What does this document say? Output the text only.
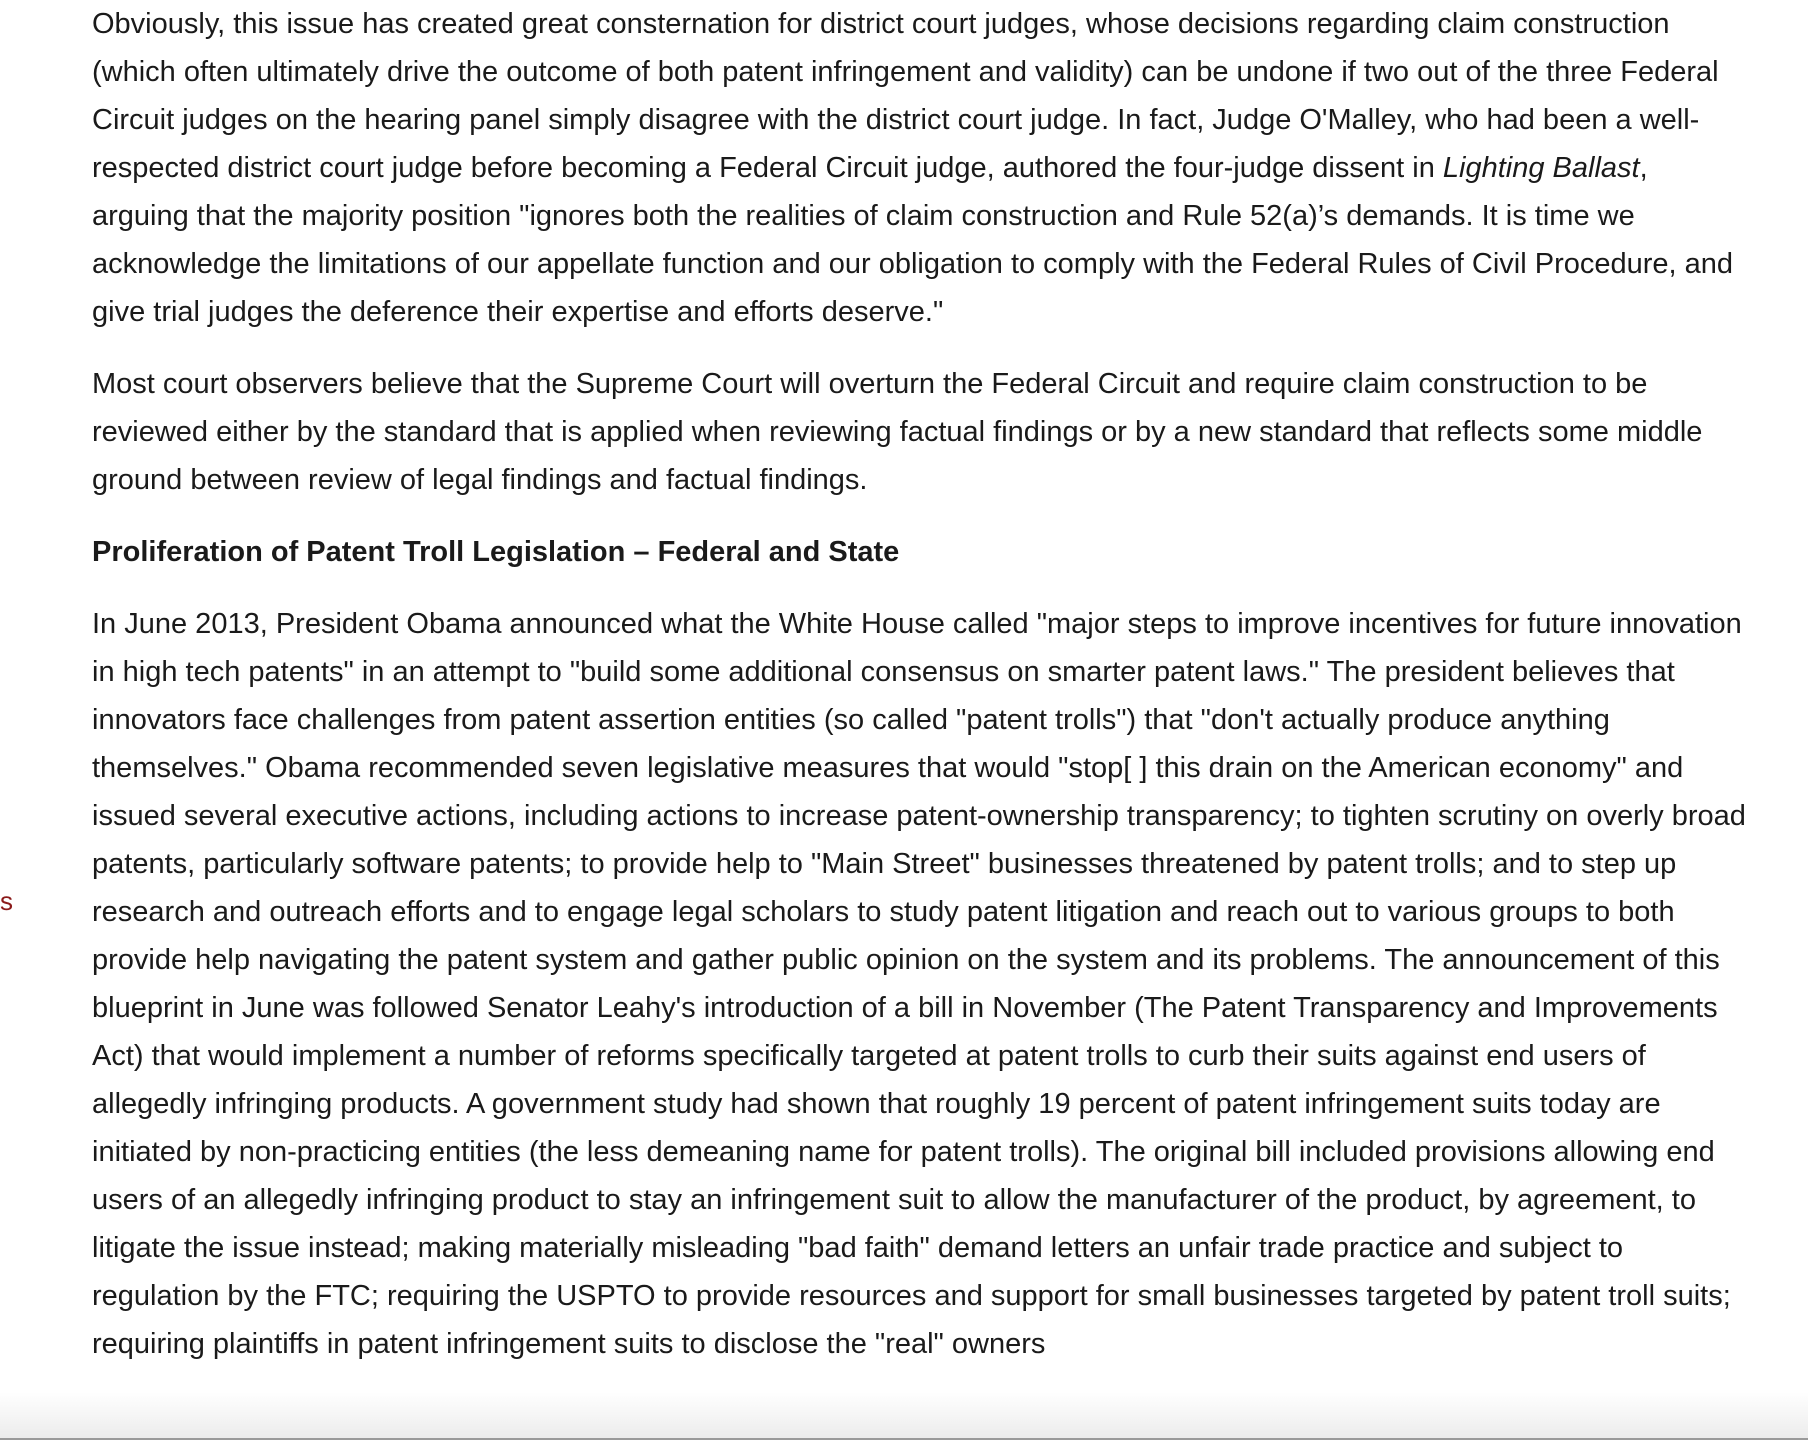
s

Obviously, this issue has created great consternation for district court judges, whose decisions regarding claim construction (which often ultimately drive the outcome of both patent infringement and validity) can be undone if two out of the three Federal Circuit judges on the hearing panel simply disagree with the district court judge. In fact, Judge O'Malley, who had been a well-respected district court judge before becoming a Federal Circuit judge, authored the four-judge dissent in Lighting Ballast, arguing that the majority position "ignores both the realities of claim construction and Rule 52(a)’s demands. It is time we acknowledge the limitations of our appellate function and our obligation to comply with the Federal Rules of Civil Procedure, and give trial judges the deference their expertise and efforts deserve."

Most court observers believe that the Supreme Court will overturn the Federal Circuit and require claim construction to be reviewed either by the standard that is applied when reviewing factual findings or by a new standard that reflects some middle ground between review of legal findings and factual findings.

Proliferation of Patent Troll Legislation – Federal and State

In June 2013, President Obama announced what the White House called "major steps to improve incentives for future innovation in high tech patents" in an attempt to "build some additional consensus on smarter patent laws." The president believes that innovators face challenges from patent assertion entities (so called "patent trolls") that "don't actually produce anything themselves." Obama recommended seven legislative measures that would "stop[ ] this drain on the American economy" and issued several executive actions, including actions to increase patent-ownership transparency; to tighten scrutiny on overly broad patents, particularly software patents; to provide help to "Main Street" businesses threatened by patent trolls; and to step up research and outreach efforts and to engage legal scholars to study patent litigation and reach out to various groups to both provide help navigating the patent system and gather public opinion on the system and its problems. The announcement of this blueprint in June was followed Senator Leahy's introduction of a bill in November (The Patent Transparency and Improvements Act) that would implement a number of reforms specifically targeted at patent trolls to curb their suits against end users of allegedly infringing products. A government study had shown that roughly 19 percent of patent infringement suits today are initiated by non-practicing entities (the less demeaning name for patent trolls). The original bill included provisions allowing end users of an allegedly infringing product to stay an infringement suit to allow the manufacturer of the product, by agreement, to litigate the issue instead; making materially misleading "bad faith" demand letters an unfair trade practice and subject to regulation by the FTC; requiring the USPTO to provide resources and support for small businesses targeted by patent troll suits; requiring plaintiffs in patent infringement suits to disclose the "real" owners
